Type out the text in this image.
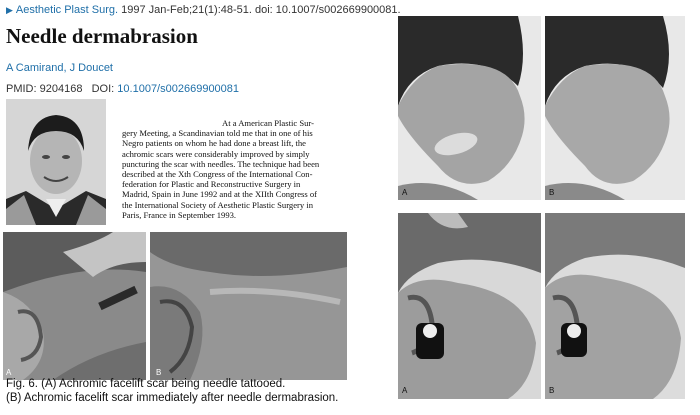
▶ Aesthetic Plast Surg. 1997 Jan-Feb;21(1):48-51. doi: 10.1007/s002669900081.
Needle dermabrasion
A Camirand, J Doucet
PMID: 9204168 DOI: 10.1007/s002669900081
At a American Plastic Sur-
gery Meeting, a Scandinavian told me that in one of his
Negro patients on whom he had done a breast lift, the
achromic scars were considerably improved by simply
puncturing the scar with needles. The technique had been
described at the Xth Congress of the International Con-
federation for Plastic and Reconstructive Surgery in
Madrid, Spain in June 1992 and at the XIIth Congress of
the International Society of Aesthetic Plastic Surgery in
Paris, France in September 1993.
A	B
A	B
A	B
Fig. 6. (A) Achromic facelift scar being needle tattooed.
(B) Achromic facelift scar immediately after needle dermabrasion.
